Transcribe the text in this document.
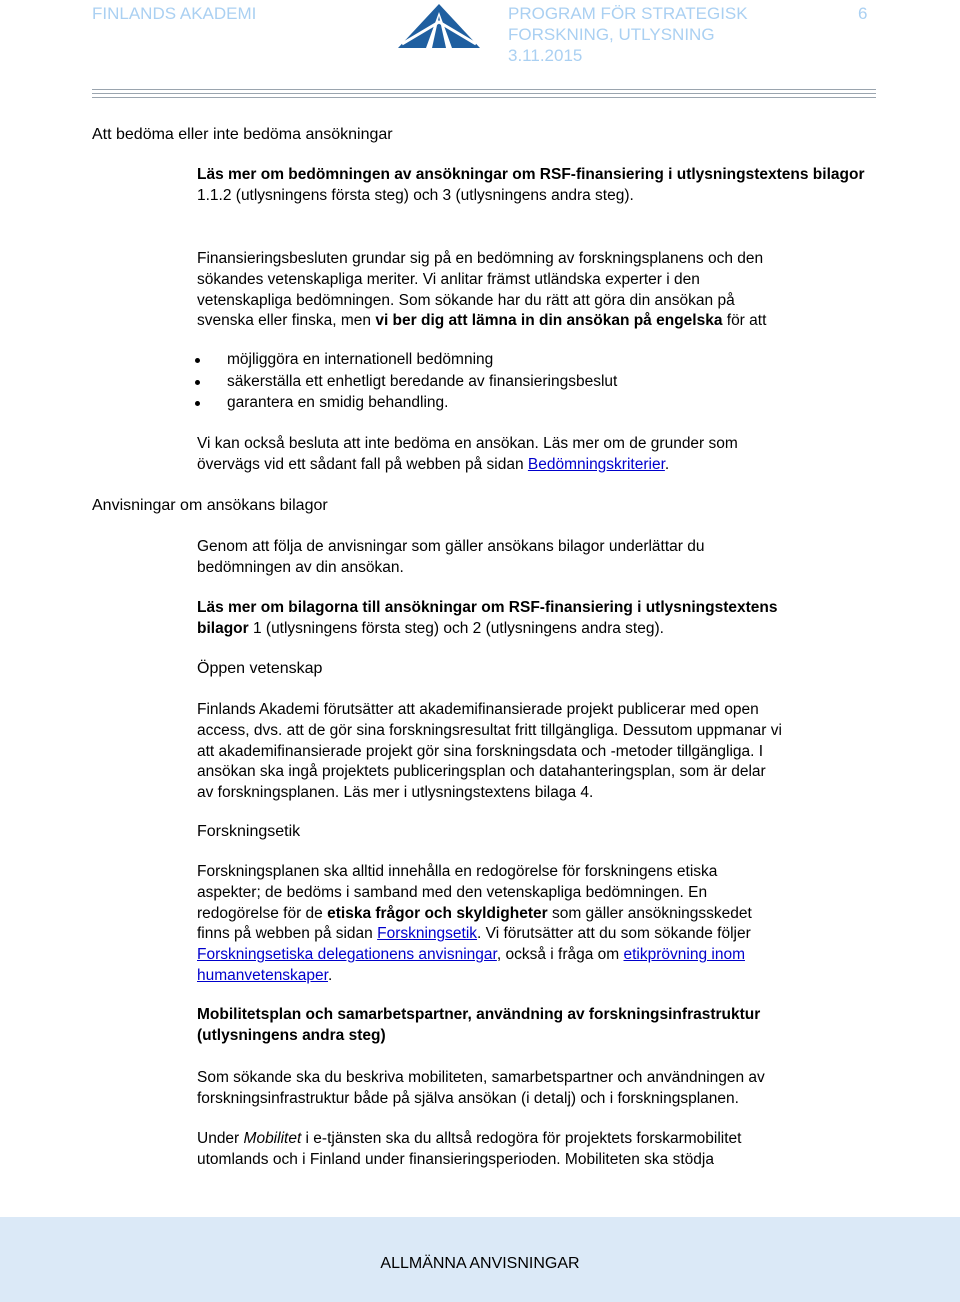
FINLANDS AKADEMI	PROGRAM FÖR STRATEGISK
FORSKNING, UTLYSNING
3.11.2015
6
Att bedöma eller inte bedöma ansökningar
Läs mer om bedömningen av ansökningar om RSF-finansiering i utlysningstextens bilagor 1.1.2 (utlysningens första steg) och 3 (utlysningens andra steg).
Finansieringsbesluten grundar sig på en bedömning av forskningsplanens och den
sökandes vetenskapliga meriter. Vi anlitar främst utländska experter i den
vetenskapliga bedömningen. Som sökande har du rätt att göra din ansökan på
svenska eller finska, men vi ber dig att lämna in din ansökan på engelska för att
möjliggöra en internationell bedömning
säkerställa ett enhetligt beredande av finansieringsbeslut
garantera en smidig behandling.
Vi kan också besluta att inte bedöma en ansökan. Läs mer om de grunder som
övervägs vid ett sådant fall på webben på sidan Bedömningskriterier.
Anvisningar om ansökans bilagor
Genom att följa de anvisningar som gäller ansökans bilagor underlättar du
bedömningen av din ansökan.
Läs mer om bilagorna till ansökningar om RSF-finansiering i utlysningstextens
bilagor 1 (utlysningens första steg) och 2 (utlysningens andra steg).
Öppen vetenskap
Finlands Akademi förutsätter att akademifinansierade projekt publicerar med open
access, dvs. att de gör sina forskningsresultat fritt tillgängliga. Dessutom uppmanar vi
att akademifinansierade projekt gör sina forskningsdata och -metoder tillgängliga. I
ansökan ska ingå projektets publiceringsplan och datahanteringsplan, som är delar
av forskningsplanen. Läs mer i utlysningstextens bilaga 4.
Forskningsetik
Forskningsplanen ska alltid innehålla en redogörelse för forskningens etiska
aspekter; de bedöms i samband med den vetenskapliga bedömningen. En
redogörelse för de etiska frågor och skyldigheter som gäller ansökningsskedet
finns på webben på sidan Forskningsetik. Vi förutsätter att du som sökande följer
Forskningsetiska delegationens anvisningar, också i fråga om etikprövning inom
humanvetenskaper.
Mobilitetsplan och samarbetspartner, användning av forskningsinfrastruktur
(utlysningens andra steg)
Som sökande ska du beskriva mobiliteten, samarbetspartner och användningen av
forskningsinfrastruktur både på själva ansökan (i detalj) och i forskningsplanen.
Under Mobilitet i e-tjänsten ska du alltså redogöra för projektets forskarmobilitet
utomlands och i Finland under finansieringsperioden. Mobiliteten ska stödja
ALLMÄNNA ANVISNINGAR
